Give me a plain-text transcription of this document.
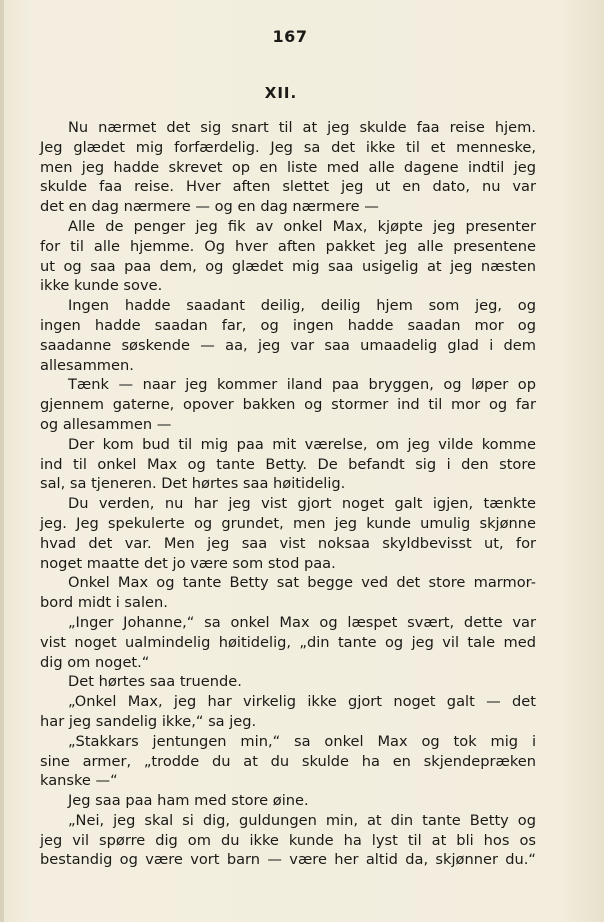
167
XII.
Nu nærmet det sig snart til at jeg skulde faa reise hjem.
Jeg glædet mig forfærdelig. Jeg sa det ikke til et menneske,
men jeg hadde skrevet op en liste med alle dagene indtil jeg
skulde faa reise. Hver aften slettet jeg ut en dato, nu var
det en dag nærmere — og en dag nærmere —
Alle de penger jeg fik av onkel Max, kjøpte jeg presenter
for til alle hjemme. Og hver aften pakket jeg alle presentene
ut og saa paa dem, og glædet mig saa usigelig at jeg næsten
ikke kunde sove.
Ingen hadde saadant deilig, deilig hjem som jeg, og
ingen hadde saadan far, og ingen hadde saadan mor og
saadanne søskende — aa, jeg var saa umaadelig glad i dem
allesammen.
Tænk — naar jeg kommer iland paa bryggen, og løper op
gjennem gaterne, opover bakken og stormer ind til mor og far
og allesammen —
Der kom bud til mig paa mit værelse, om jeg vilde komme
ind til onkel Max og tante Betty. De befandt sig i den store
sal, sa tjeneren. Det hørtes saa høitidelig.
Du verden, nu har jeg vist gjort noget galt igjen, tænkte
jeg. Jeg spekulerte og grundet, men jeg kunde umulig skjønne
hvad det var. Men jeg saa vist noksaa skyldbevisst ut, for
noget maatte det jo være som stod paa.
Onkel Max og tante Betty sat begge ved det store marmor-
bord midt i salen.
„Inger Johanne,“ sa onkel Max og læspet svært, dette var
vist noget ualmindelig høitidelig, „din tante og jeg vil tale med
dig om noget.“
Det hørtes saa truende.
„Onkel Max, jeg har virkelig ikke gjort noget galt — det
har jeg sandelig ikke,“ sa jeg.
„Stakkars jentungen min,“ sa onkel Max og tok mig i
sine armer, „trodde du at du skulde ha en skjendepræken
kanske —“
Jeg saa paa ham med store øine.
„Nei, jeg skal si dig, guldungen min, at din tante Betty og
jeg vil spørre dig om du ikke kunde ha lyst til at bli hos os
bestandig og være vort barn — være her altid da, skjønner du.“
